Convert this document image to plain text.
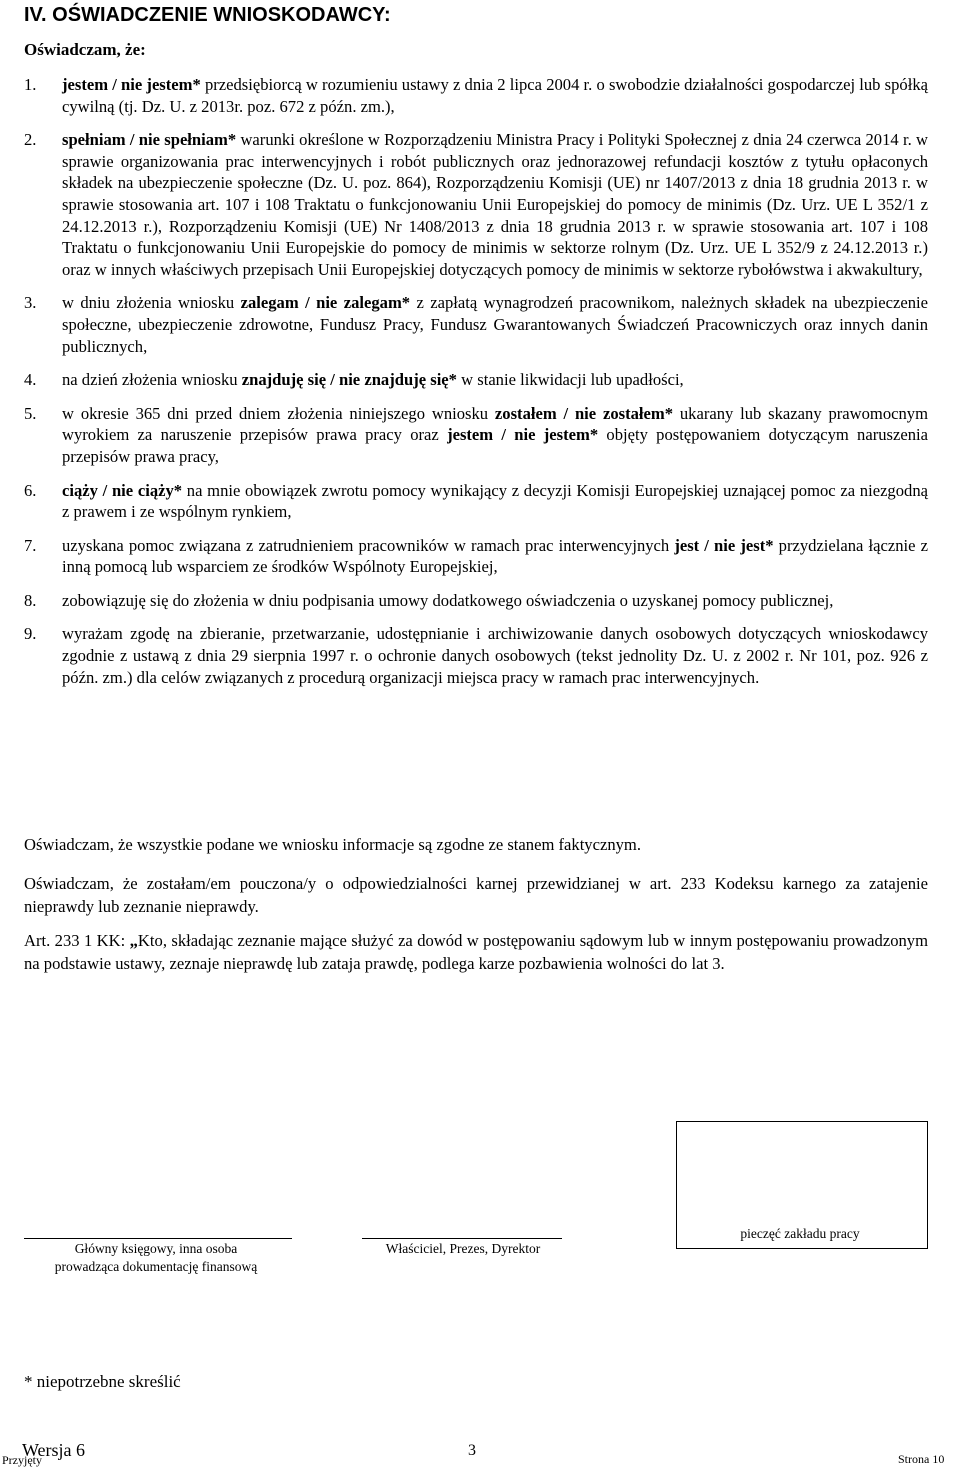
IV. OŚWIADCZENIE WNIOSKODAWCY:
Oświadczam, że:
1.	jestem / nie jestem* przedsiębiorcą w rozumieniu ustawy z dnia 2 lipca 2004 r. o swobodzie działalności gospodarczej lub spółką cywilną (tj. Dz. U. z 2013r. poz. 672 z późn. zm.),
2.	spełniam / nie spełniam* warunki określone w Rozporządzeniu Ministra Pracy i Polityki Społecznej z dnia 24 czerwca 2014 r. w sprawie organizowania prac interwencyjnych i robót publicznych oraz jednorazowej refundacji kosztów z tytułu opłaconych składek na ubezpieczenie społeczne (Dz. U. poz. 864), Rozporządzeniu Komisji (UE) nr 1407/2013 z dnia 18 grudnia 2013 r. w sprawie stosowania art. 107 i 108 Traktatu o funkcjonowaniu Unii Europejskiej do pomocy de minimis (Dz. Urz. UE L 352/1 z 24.12.2013 r.), Rozporządzeniu Komisji (UE) Nr 1408/2013 z dnia 18 grudnia 2013 r. w sprawie stosowania art. 107 i 108 Traktatu o funkcjonowaniu Unii Europejskie do pomocy de minimis w sektorze rolnym (Dz. Urz. UE L 352/9 z 24.12.2013 r.) oraz w innych właściwych przepisach Unii Europejskiej dotyczących pomocy de minimis w sektorze rybołówstwa i akwakultury,
3.	w dniu złożenia wniosku zalegam / nie zalegam* z zapłatą wynagrodzeń pracownikom, należnych składek na ubezpieczenie społeczne, ubezpieczenie zdrowotne, Fundusz Pracy, Fundusz Gwarantowanych Świadczeń Pracowniczych oraz innych danin publicznych,
4.	na dzień złożenia wniosku znajduję się / nie znajduję się* w stanie likwidacji lub upadłości,
5.	w okresie 365 dni przed dniem złożenia niniejszego wniosku zostałem / nie zostałem* ukarany lub skazany prawomocnym wyrokiem za naruszenie przepisów prawa pracy oraz jestem / nie jestem* objęty postępowaniem dotyczącym naruszenia przepisów prawa pracy,
6.	ciąży / nie ciąży* na mnie obowiązek zwrotu pomocy wynikający z decyzji Komisji Europejskiej uznającej pomoc za niezgodną z prawem i ze wspólnym rynkiem,
7.	uzyskana pomoc związana z zatrudnieniem pracowników w ramach prac interwencyjnych jest / nie jest* przydzielana łącznie z inną pomocą lub wsparciem ze środków Wspólnoty Europejskiej,
8.	zobowiązuję się do złożenia w dniu podpisania umowy dodatkowego oświadczenia o uzyskanej pomocy publicznej,
9.	wyrażam zgodę na zbieranie, przetwarzanie, udostępnianie i archiwizowanie danych osobowych dotyczących wnioskodawcy zgodnie z ustawą z dnia 29 sierpnia 1997 r. o ochronie danych osobowych (tekst jednolity Dz. U. z 2002 r. Nr 101, poz. 926 z późn. zm.) dla celów związanych z procedurą organizacji miejsca pracy w ramach prac interwencyjnych.
Oświadczam, że wszystkie podane we wniosku informacje są zgodne ze stanem faktycznym.
Oświadczam, że zostałam/em pouczona/y o odpowiedzialności karnej przewidzianej w art. 233 Kodeksu karnego za zatajenie nieprawdy lub zeznanie nieprawdy.
Art. 233 1 KK: „Kto, składając zeznanie mające służyć za dowód w postępowaniu sądowym lub w innym postępowaniu prowadzonym na podstawie ustawy, zeznaje nieprawdę lub zataja prawdę, podlega karze pozbawienia wolności do lat 3.
pieczęć zakładu pracy
Główny księgowy, inna osoba
prowadząca dokumentację finansową
Właściciel, Prezes, Dyrektor
* niepotrzebne skreślić
Wersja 6
Przyjęty
3	Strona 10
